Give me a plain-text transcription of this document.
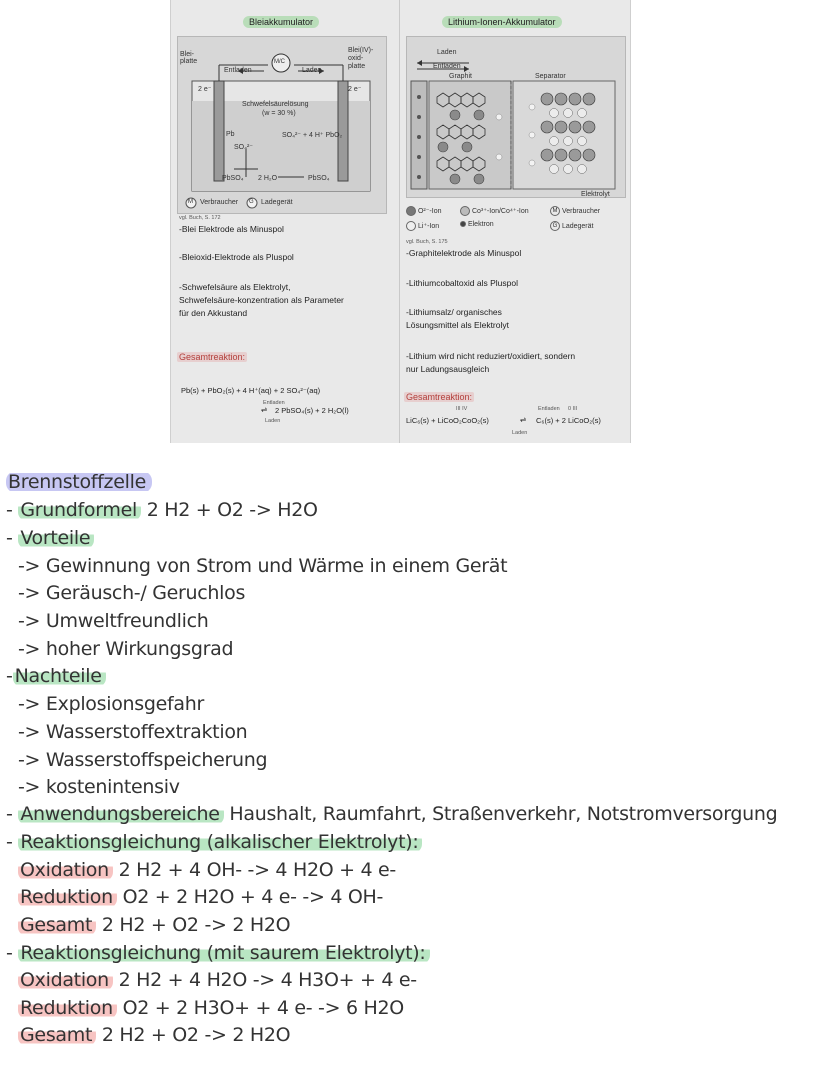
Bleiakkumulator
Blei-
platte
Entladen
M/C
Laden
Blei(IV)-
oxid-
platte
2 e⁻	2 e⁻
Schwefelsäurelösung
(w = 30 %)
Pb
SO₄²⁻
SO₄²⁻ + 4 H⁺ PbO₂
PbSO₄ 2 H₂O	PbSO₄
M Verbraucher G Ladegerät
vgl. Buch, S. 172
-Blei Elektrode als Minuspol
-Bleioxid-Elektrode als Pluspol
-Schwefelsäure als Elektrolyt,
Schwefelsäure-konzentration als Parameter
für den Akkustand
Gesamtreaktion:
Pb(s) + PbO₂(s) + 4 H⁺(aq) + 2 SO₄²⁻(aq)
Entladen
⇌ 2 PbSO₄(s) + 2 H₂O(l)
Laden
Lithium-Ionen-Akkumulator
Laden
Entladen
Graphit	Separator
Elektrolyt
O²⁻-Ion	Co³⁺-Ion/Co⁴⁺-Ion	M Verbraucher
Li⁺-Ion	Elektron	G Ladegerät
vgl. Buch, S. 175
-Graphitelektrode als Minuspol
-Lithiumcobaltoxid als Pluspol
-Lithiumsalz/ organisches
Lösungsmittel als Elektrolyt
-Lithium wird nicht reduziert/oxidiert, sondern
nur Ladungsausgleich
Gesamtreaktion:
III IV	Entladen 0 III
LiC₆(s) + LiCoO₂CoO₂(s)	⇌ C₆(s) + 2 LiCoO₂(s)
Laden
Brennstoffzelle
- Grundformel 2 H2 + O2 -> H2O
- Vorteile
-> Gewinnung von Strom und Wärme in einem Gerät
-> Geräusch-/ Geruchlos
-> Umweltfreundlich
-> hoher Wirkungsgrad
- Nachteile
-> Explosionsgefahr
-> Wasserstoffextraktion
-> Wasserstoffspeicherung
-> kostenintensiv
- Anwendungsbereiche Haushalt, Raumfahrt, Straßenverkehr, Notstromversorgung
- Reaktionsgleichung (alkalischer Elektrolyt):
Oxidation 2 H2 + 4 OH- -> 4 H2O + 4 e-
Reduktion O2 + 2 H2O + 4 e- -> 4 OH-
Gesamt 2 H2 + O2 -> 2 H2O
- Reaktionsgleichung (mit saurem Elektrolyt):
Oxidation 2 H2 + 4 H2O -> 4 H3O+ + 4 e-
Reduktion O2 + 2 H3O+ + 4 e- -> 6 H2O
Gesamt 2 H2 + O2 -> 2 H2O
